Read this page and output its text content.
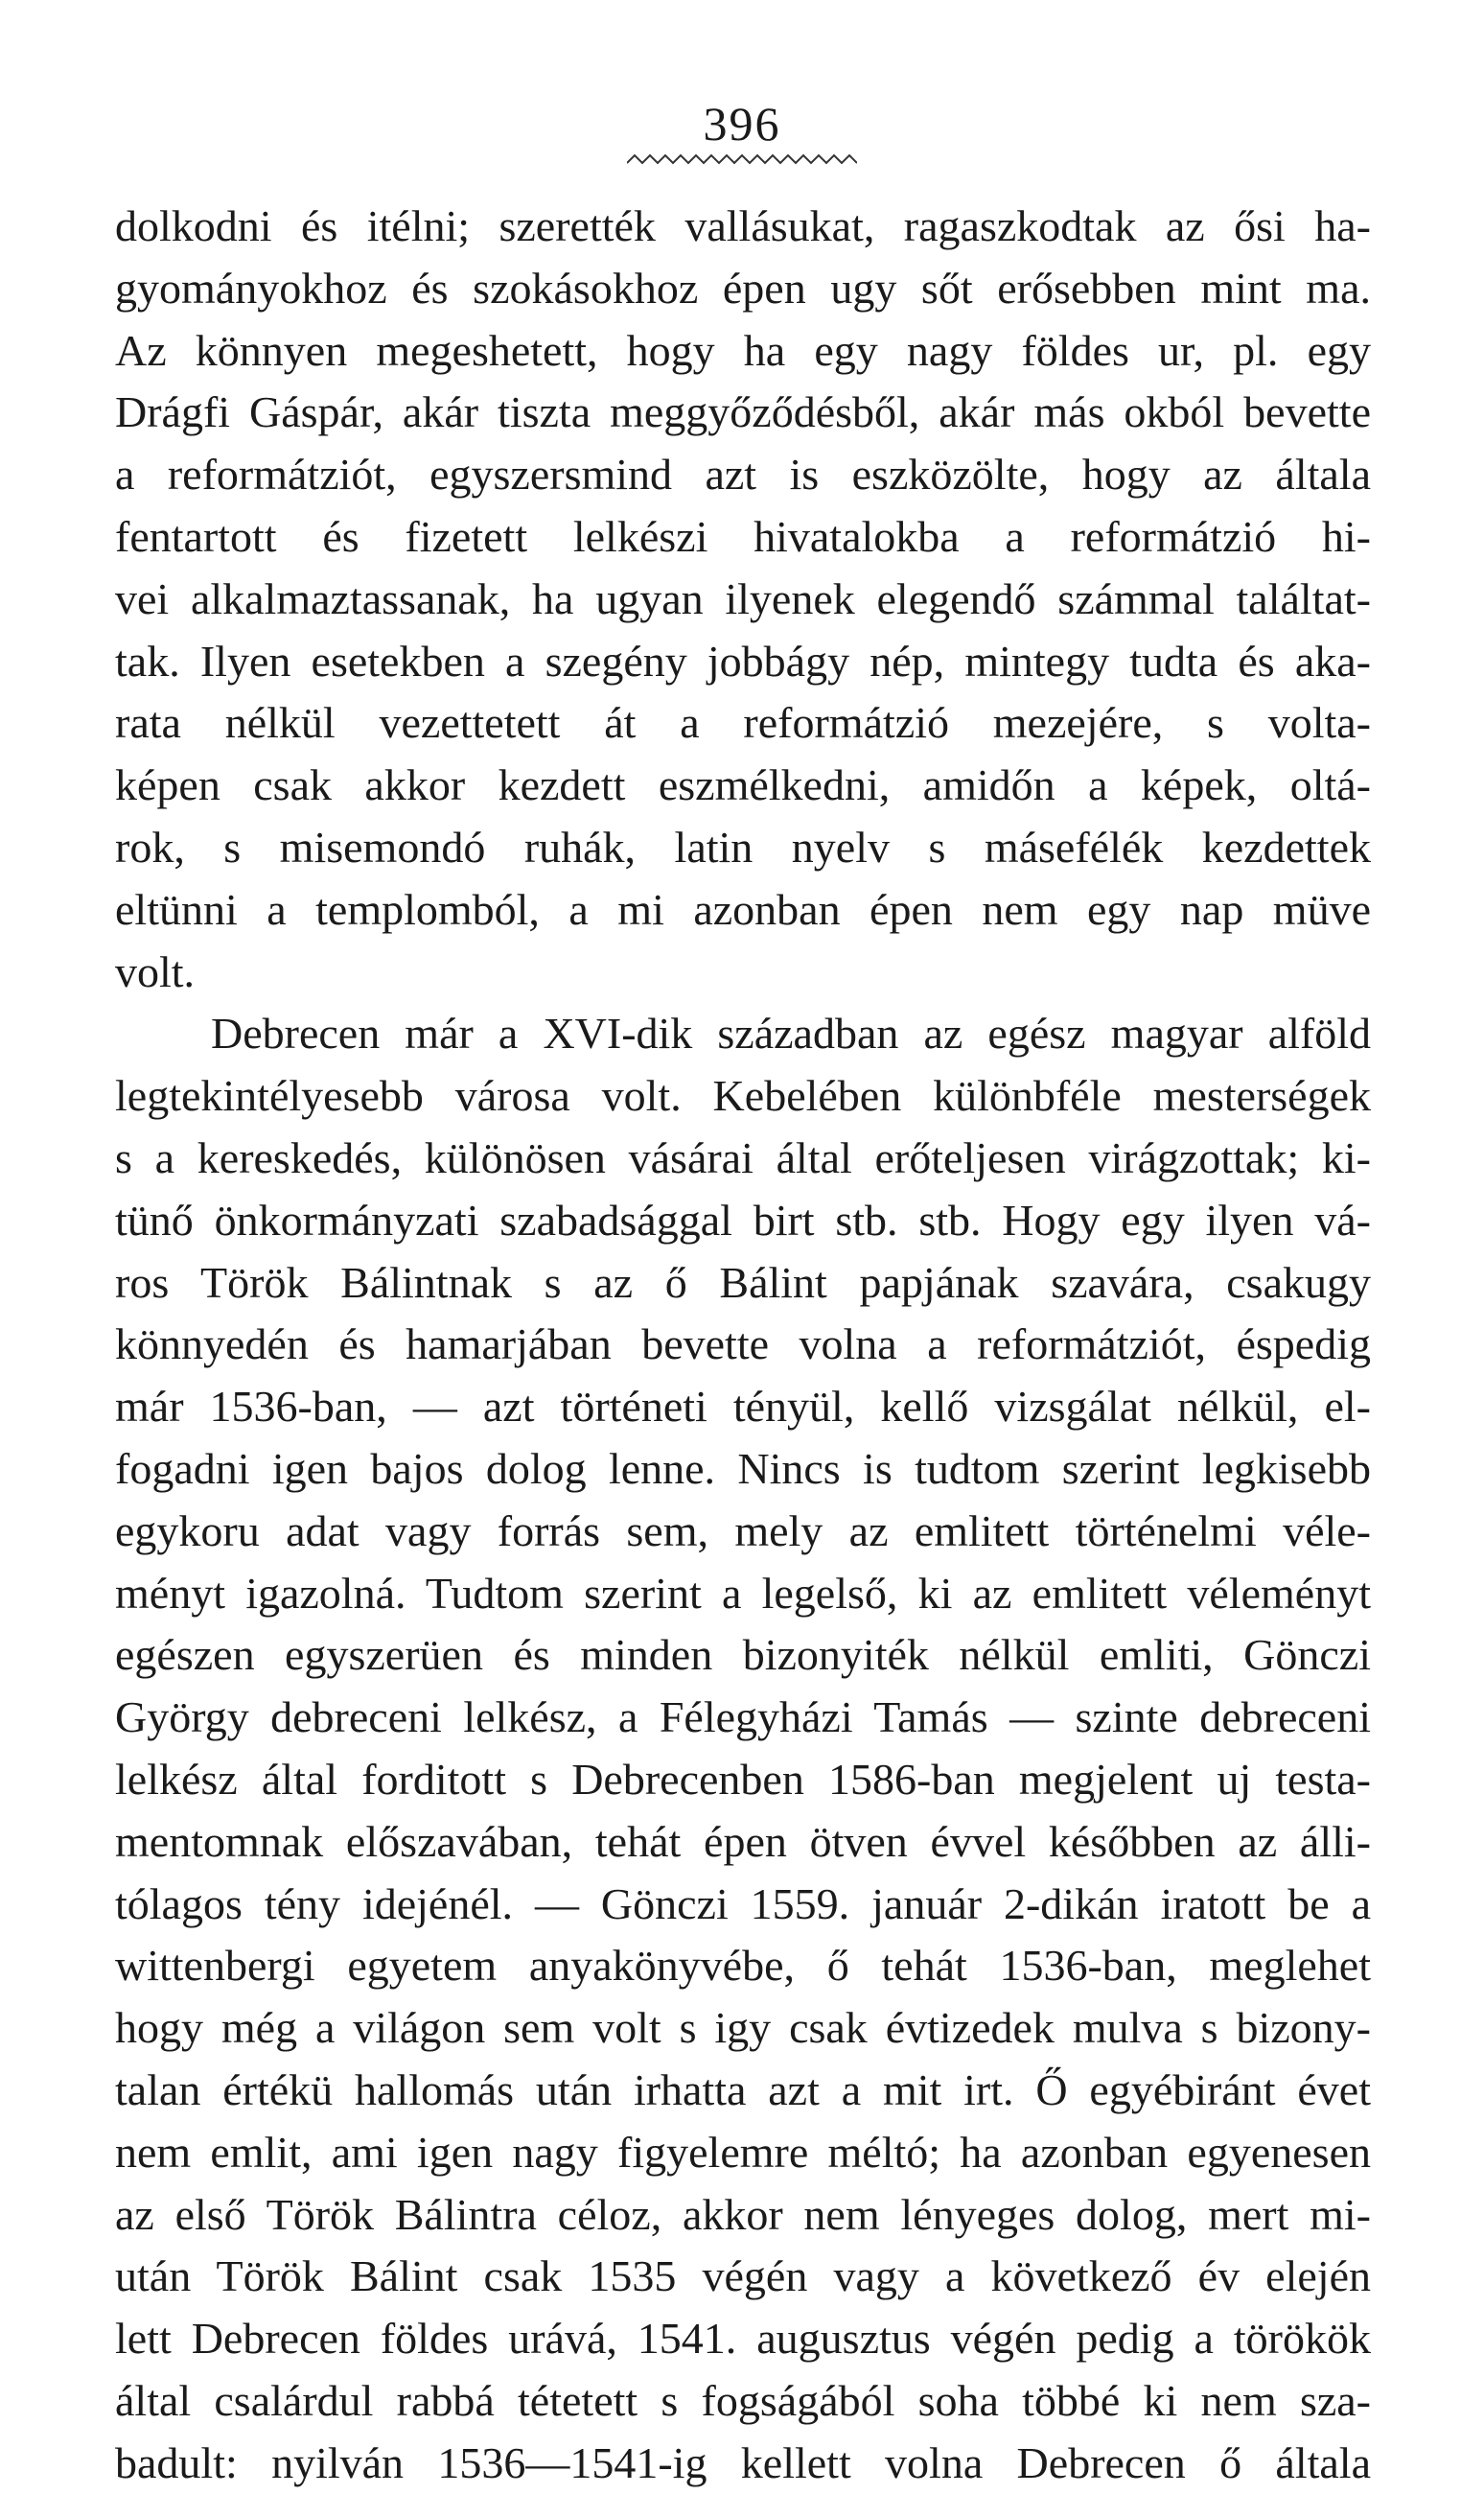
396
dolkodni és itélni; szerették vallásukat, ragaszkodtak az ősi ha-
gyományokhoz és szokásokhoz épen ugy sőt erősebben mint ma.
Az könnyen megeshetett, hogy ha egy nagy földes ur, pl. egy
Drágfi Gáspár, akár tiszta meggyőződésből, akár más okból bevette
a reformátziót, egyszersmind azt is eszközölte, hogy az általa
fentartott és fizetett lelkészi hivatalokba a reformátzió hi-
vei alkalmaztassanak, ha ugyan ilyenek elegendő számmal találtat-
tak. Ilyen esetekben a szegény jobbágy nép, mintegy tudta és aka-
rata nélkül vezettetett át a reformátzió mezejére, s volta-
képen csak akkor kezdett eszmélkedni, amidőn a képek, oltá-
rok, s misemondó ruhák, latin nyelv s másefélék kezdettek
eltünni a templomból, a mi azonban épen nem egy nap müve
volt.
Debrecen már a XVI-dik században az egész magyar alföld
legtekintélyesebb városa volt. Kebelében különbféle mesterségek
s a kereskedés, különösen vásárai által erőteljesen virágzottak; ki-
tünő önkormányzati szabadsággal birt stb. stb. Hogy egy ilyen vá-
ros Török Bálintnak s az ő Bálint papjának szavára, csakugy
könnyedén és hamarjában bevette volna a reformátziót, éspedig
már 1536-ban, — azt történeti tényül, kellő vizsgálat nélkül, el-
fogadni igen bajos dolog lenne. Nincs is tudtom szerint legkisebb
egykoru adat vagy forrás sem, mely az emlitett történelmi véle-
ményt igazolná. Tudtom szerint a legelső, ki az emlitett véleményt
egészen egyszerüen és minden bizonyiték nélkül emliti, Gönczi
György debreceni lelkész, a Félegyházi Tamás — szinte debreceni
lelkész által forditott s Debrecenben 1586-ban megjelent uj testa-
mentomnak előszavában, tehát épen ötven évvel későbben az álli-
tólagos tény idejénél. — Gönczi 1559. január 2-dikán iratott be a
wittenbergi egyetem anyakönyvébe, ő tehát 1536-ban, meglehet
hogy még a világon sem volt s igy csak évtizedek mulva s bizony-
talan értékü hallomás után irhatta azt a mit irt. Ő egyébiránt évet
nem emlit, ami igen nagy figyelemre méltó; ha azonban egyenesen
az első Török Bálintra céloz, akkor nem lényeges dolog, mert mi-
után Török Bálint csak 1535 végén vagy a következő év elején
lett Debrecen földes urává, 1541. augusztus végén pedig a törökök
által csalárdul rabbá tétetett s fogságából soha többé ki nem sza-
badult: nyilván 1536—1541-ig kellett volna Debrecen ő általa
